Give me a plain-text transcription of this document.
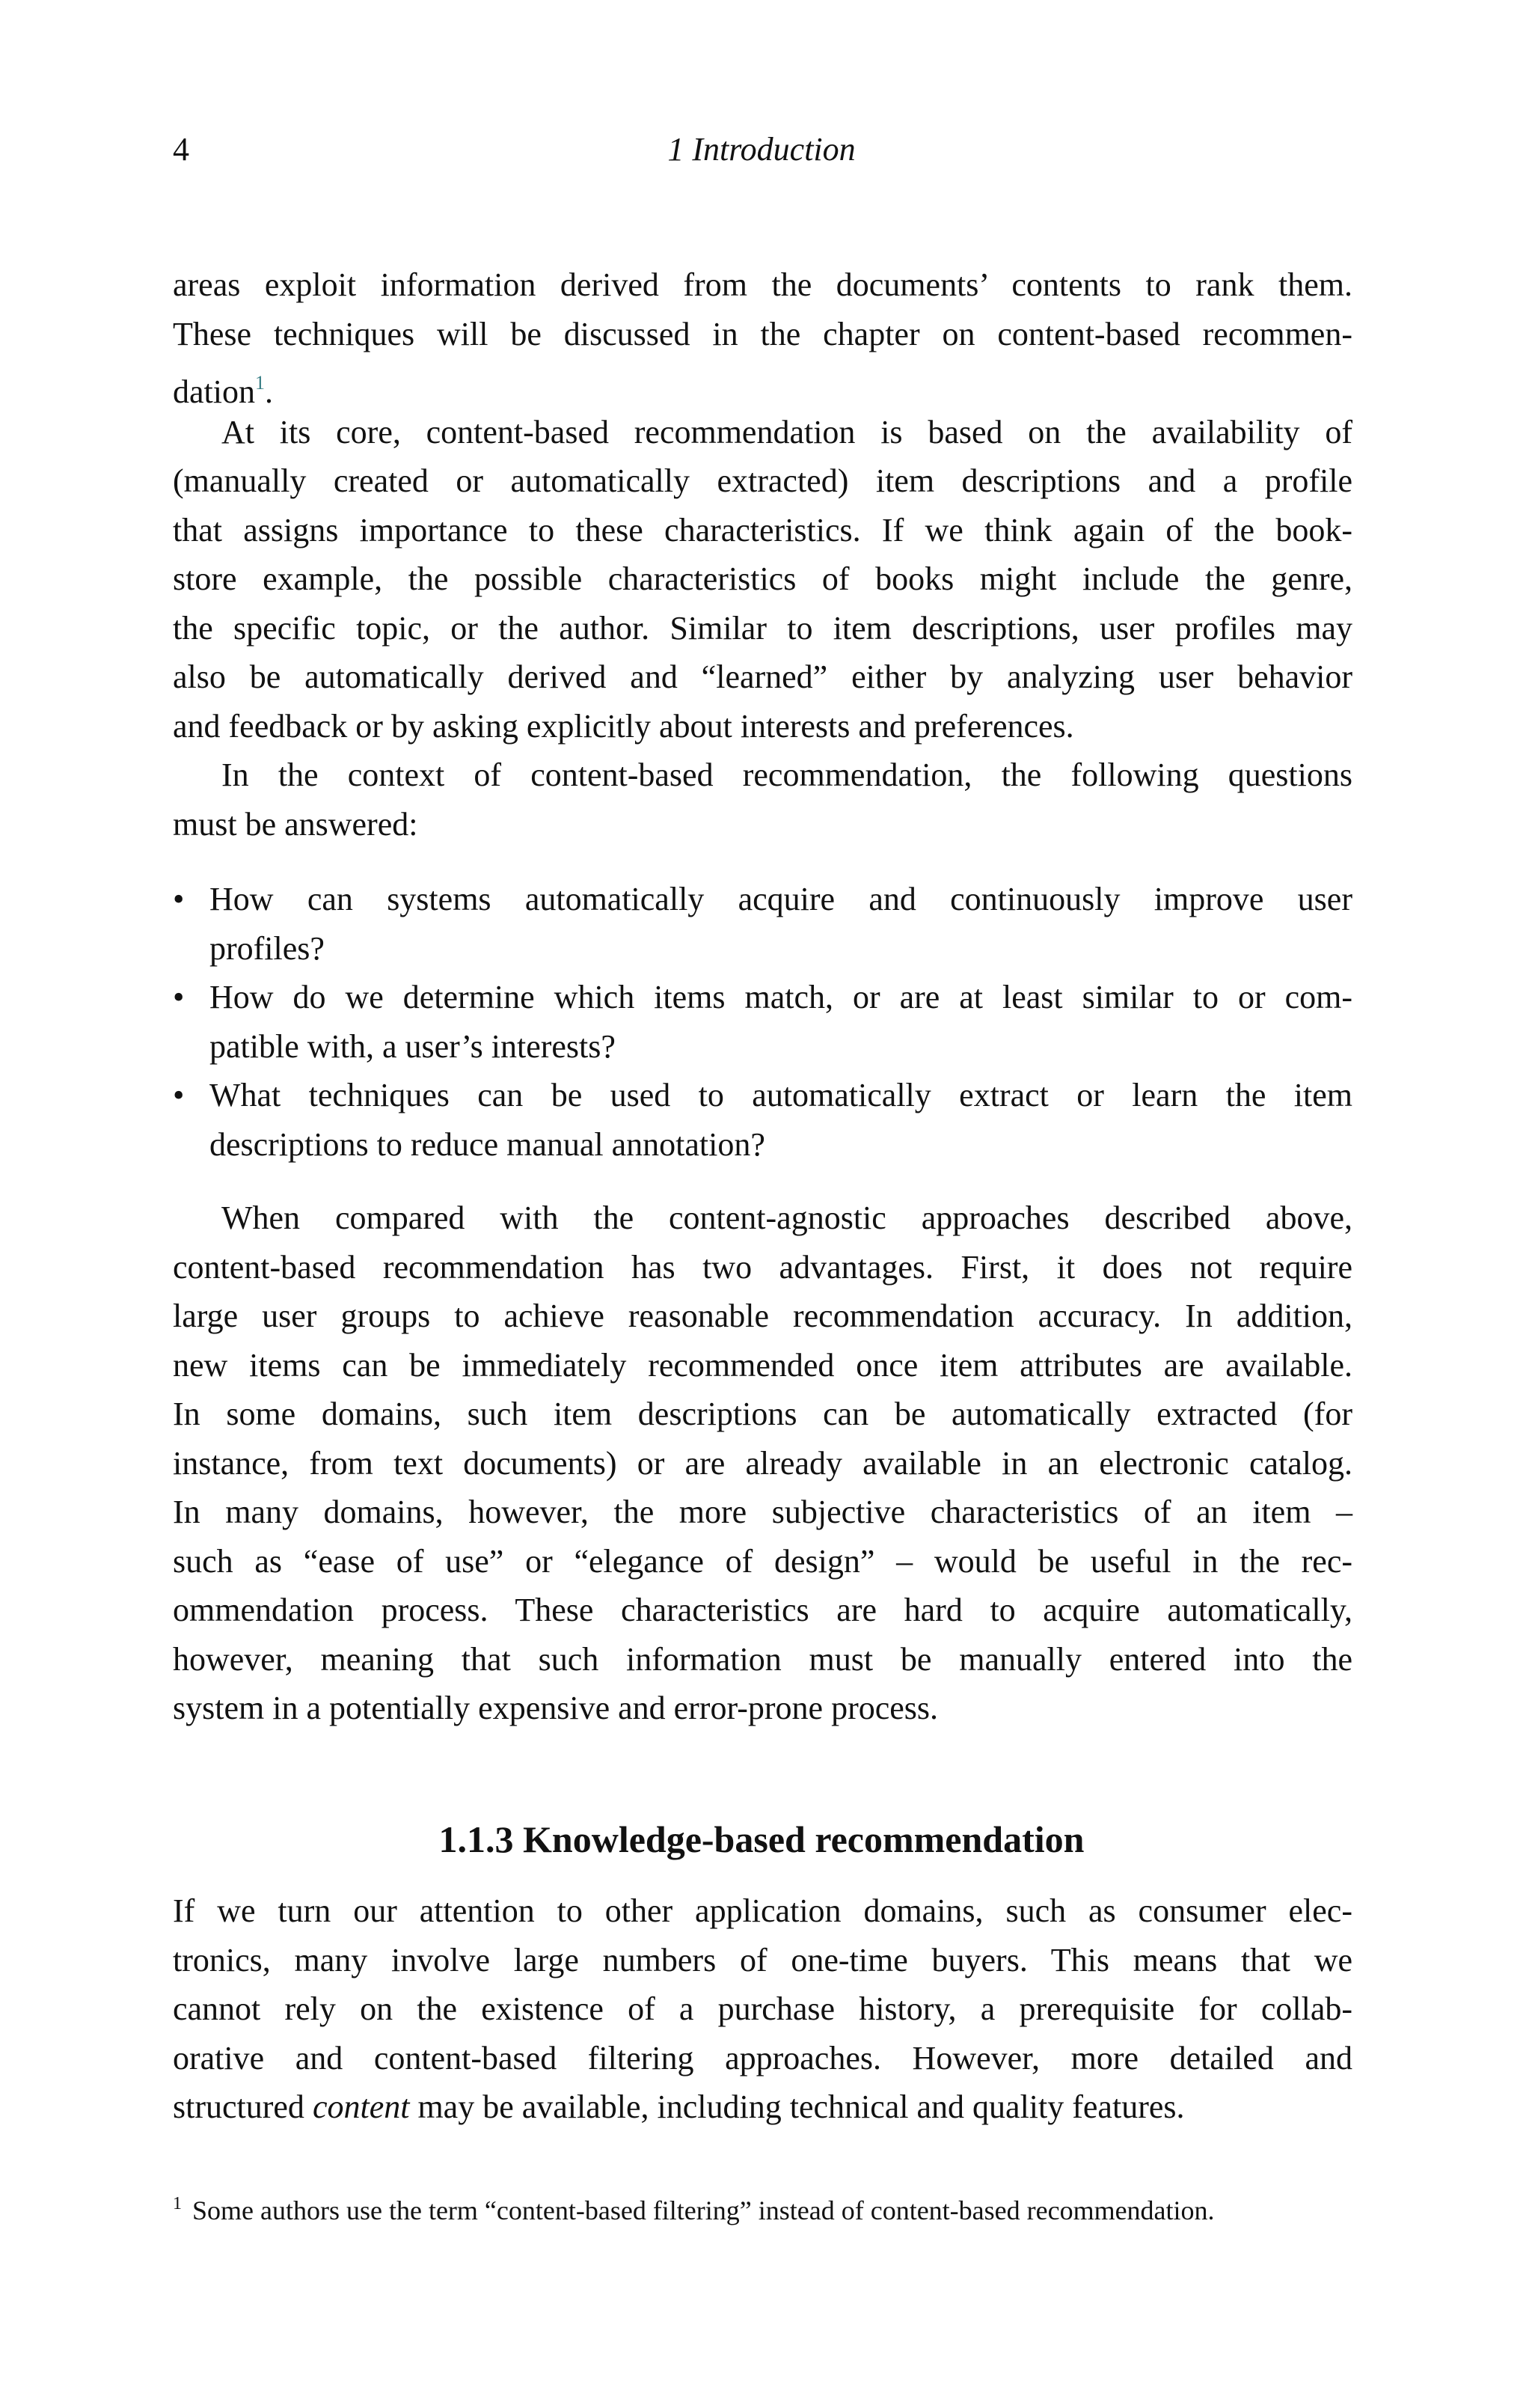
4	1 Introduction
areas exploit information derived from the documents’ contents to rank them.
These techniques will be discussed in the chapter on content-based recommen-
dation$^1$.
At its core, content-based recommendation is based on the availability of
(manually created or automatically extracted) item descriptions and a profile
that assigns importance to these characteristics. If we think again of the book-
store example, the possible characteristics of books might include the genre,
the specific topic, or the author. Similar to item descriptions, user profiles may
also be automatically derived and “learned” either by analyzing user behavior
and feedback or by asking explicitly about interests and preferences.
In the context of content-based recommendation, the following questions
must be answered:
• How can systems automatically acquire and continuously improve user
profiles?
• How do we determine which items match, or are at least similar to or com-
patible with, a user’s interests?
• What techniques can be used to automatically extract or learn the item
descriptions to reduce manual annotation?
When compared with the content-agnostic approaches described above,
content-based recommendation has two advantages. First, it does not require
large user groups to achieve reasonable recommendation accuracy. In addition,
new items can be immediately recommended once item attributes are available.
In some domains, such item descriptions can be automatically extracted (for
instance, from text documents) or are already available in an electronic catalog.
In many domains, however, the more subjective characteristics of an item –
such as “ease of use” or “elegance of design” – would be useful in the rec-
ommendation process. These characteristics are hard to acquire automatically,
however, meaning that such information must be manually entered into the
system in a potentially expensive and error-prone process.
1.1.3 Knowledge-based recommendation
If we turn our attention to other application domains, such as consumer elec-
tronics, many involve large numbers of one-time buyers. This means that we
cannot rely on the existence of a purchase history, a prerequisite for collab-
orative and content-based filtering approaches. However, more detailed and
structured content may be available, including technical and quality features.
$^1$ Some authors use the term “content-based filtering” instead of content-based recommendation.
